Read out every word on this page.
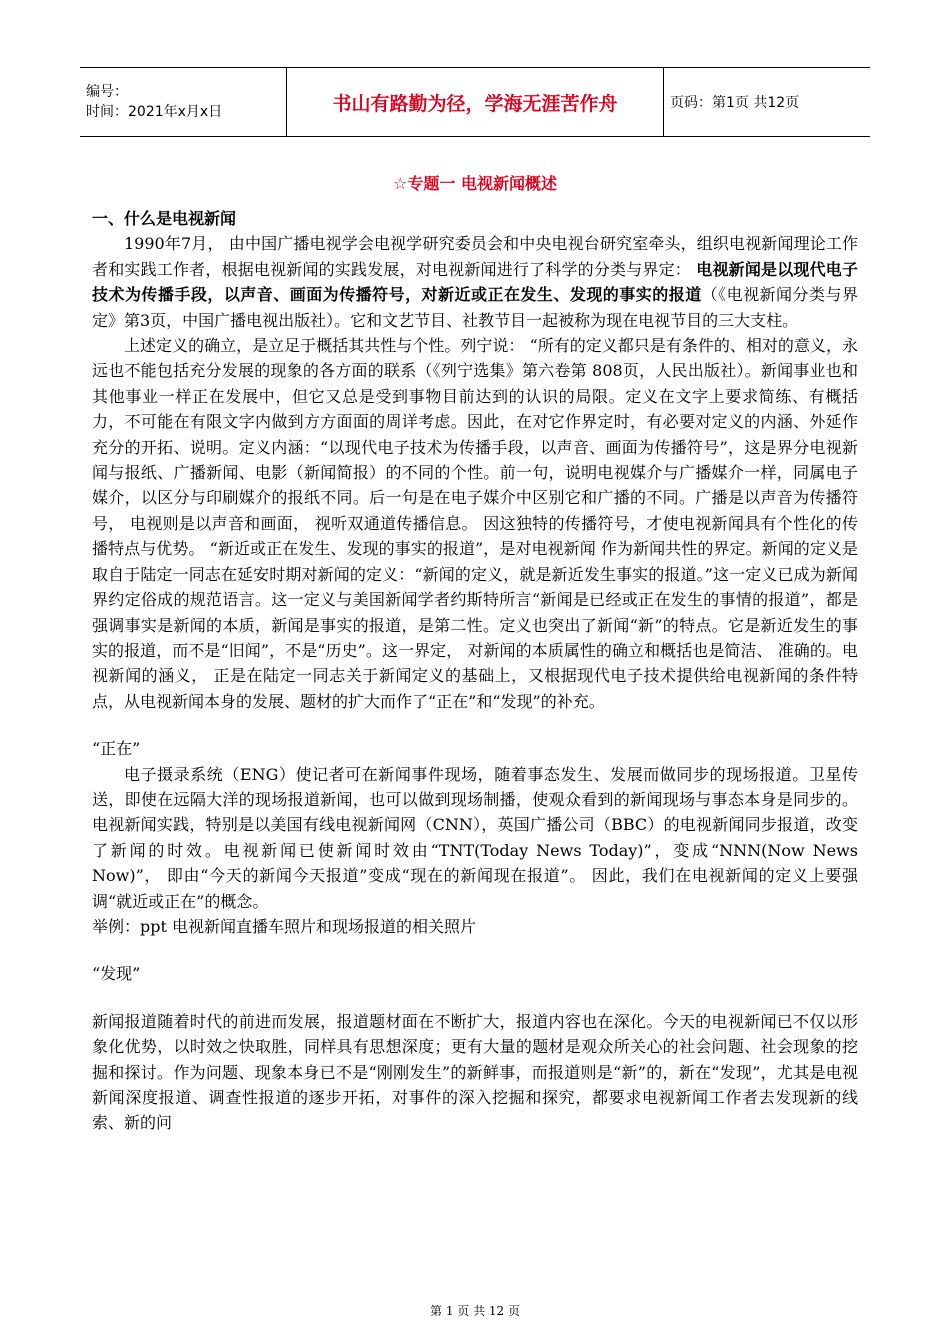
编号：
时间：2021年x月x日	书山有路勤为径，学海无涯苦作舟	页码：第1页 共12页
☆专题一 电视新闻概述

一、什么是电视新闻

1990年7月， 由中国广播电视学会电视学研究委员会和中央电视台研究室牵头，组织电视新闻理论工作者和实践工作者，根据电视新闻的实践发展，对电视新闻进行了科学的分类与界定： 电视新闻是以现代电子技术为传播手段，以声音、画面为传播符号，对新近或正在发生、发现的事实的报道（《电视新闻分类与界定》第3页，中国广播电视出版社）。它和文艺节目、社教节目一起被称为现在电视节目的三大支柱。

上述定义的确立，是立足于概括其共性与个性。列宁说： “所有的定义都只是有条件的、相对的意义，永远也不能包括充分发展的现象的各方面的联系（《列宁选集》第六卷第 808页，人民出版社）。新闻事业也和其他事业一样正在发展中，但它又总是受到事物目前达到的认识的局限。定义在文字上要求简练、有概括力，不可能在有限文字内做到方方面面的周详考虑。因此，在对它作界定时，有必要对定义的内涵、外延作充分的开拓、说明。定义内涵：“以现代电子技术为传播手段，以声音、画面为传播符号”，这是界分电视新闻与报纸、广播新闻、电影（新闻简报）的不同的个性。前一句，说明电视媒介与广播媒介一样，同属电子媒介，以区分与印刷媒介的报纸不同。后一句是在电子媒介中区别它和广播的不同。广播是以声音为传播符号， 电视则是以声音和画面， 视听双通道传播信息。 因这独特的传播符号，才使电视新闻具有个性化的传播特点与优势。 “新近或正在发生、发现的事实的报道”，是对电视新闻 作为新闻共性的界定。新闻的定义是取自于陆定一同志在延安时期对新闻的定义：“新闻的定义，就是新近发生事实的报道。”这一定义已成为新闻界约定俗成的规范语言。这一定义与美国新闻学者约斯特所言“新闻是已经或正在发生的事情的报道”，都是强调事实是新闻的本质，新闻是事实的报道，是第二性。定义也突出了新闻“新”的特点。它是新近发生的事实的报道，而不是“旧闻”，不是“历史”。这一界定， 对新闻的本质属性的确立和概括也是简洁、 准确的。电视新闻的涵义， 正是在陆定一同志关于新闻定义的基础上，又根据现代电子技术提供给电视新闻的条件特点，从电视新闻本身的发展、题材的扩大而作了“正在”和“发现”的补充。

“正在”

电子摄录系统（ENG）使记者可在新闻事件现场，随着事态发生、发展而做同步的现场报道。卫星传送，即使在远隔大洋的现场报道新闻，也可以做到现场制播，使观众看到的新闻现场与事态本身是同步的。电视新闻实践，特别是以美国有线电视新闻网（CNN），英国广播公司（BBC）的电视新闻同步报道，改变了新闻的时效。电视新闻已使新闻时效由“TNT(Today News Today)”，变成“NNN(Now News Now)”， 即由“今天的新闻今天报道”变成“现在的新闻现在报道”。 因此，我们在电视新闻的定义上要强调“就近或正在”的概念。

举例：ppt 电视新闻直播车照片和现场报道的相关照片

“发现”

新闻报道随着时代的前进而发展，报道题材面在不断扩大，报道内容也在深化。今天的电视新闻已不仅以形象化优势，以时效之快取胜，同样具有思想深度；更有大量的题材是观众所关心的社会问题、社会现象的挖掘和探讨。作为问题、现象本身已不是“刚刚发生”的新鲜事，而报道则是“新”的，新在“发现”，尤其是电视新闻深度报道、调查性报道的逐步开拓，对事件的深入挖掘和探究，都要求电视新闻工作者去发现新的线索、新的问

第 1 页 共 12 页
